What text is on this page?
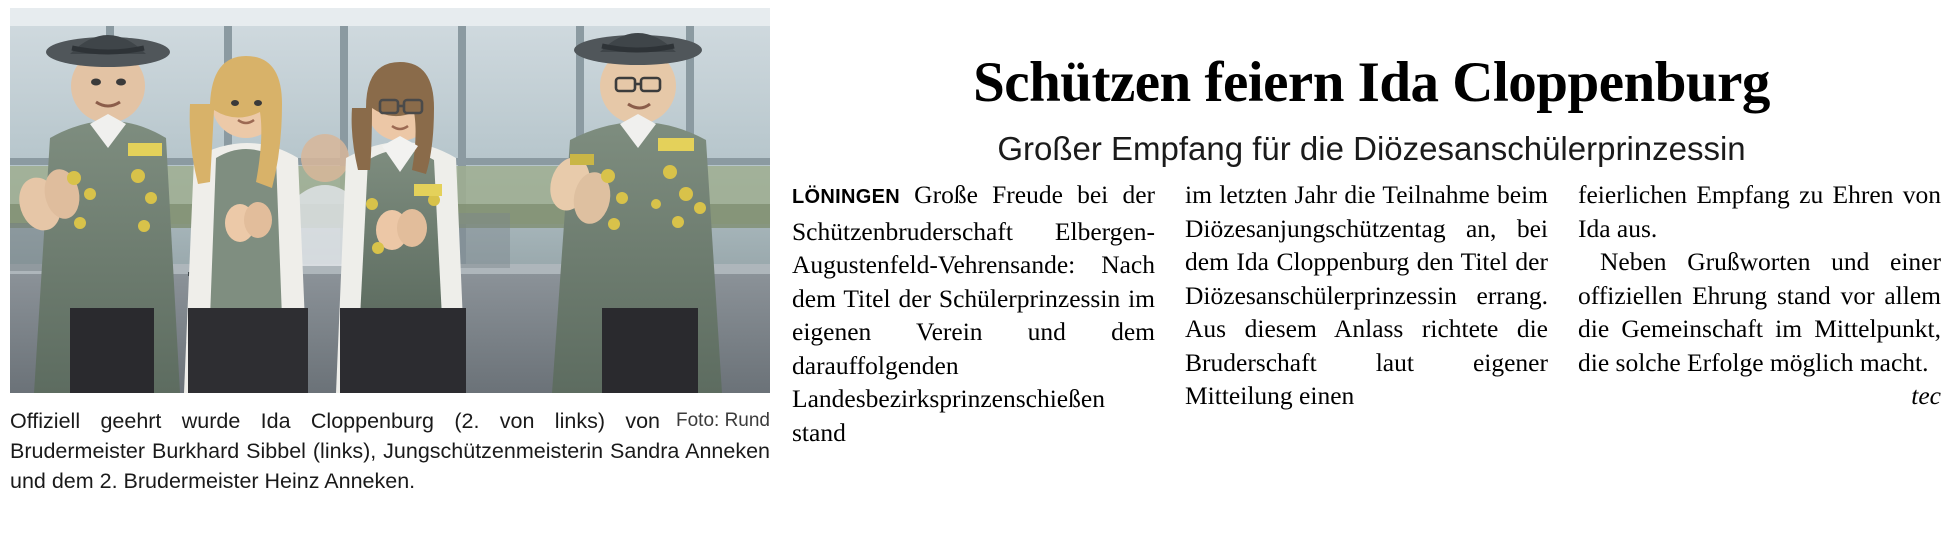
Foto: Rund
Offiziell geehrt wurde Ida Cloppenburg (2. von links) von Brudermeister Burkhard Sibbel (links), Jungschützenmeisterin Sandra Anneken und dem 2. Brudermeister Heinz Anneken.
Schützen feiern Ida Cloppenburg
Großer Empfang für die Diözesanschülerprinzessin

LÖNINGEN Große Freude bei der Schützenbruderschaft Elbergen-Augustenfeld-Vehrensande: Nach dem Titel der Schülerprinzessin im eigenen Verein und dem darauffolgenden Landesbezirksprinzenschießen stand

im letzten Jahr die Teilnahme beim Diözesanjungschützentag an, bei dem Ida Cloppenburg den Titel der Diözesanschülerprinzessin errang. Aus diesem Anlass richtete die Bruderschaft laut eigener Mitteilung einen

feierlichen Empfang zu Ehren von Ida aus.

Neben Grußworten und einer offiziellen Ehrung stand vor allem die Gemeinschaft im Mittelpunkt, die solche Erfolge möglich macht.
tec
